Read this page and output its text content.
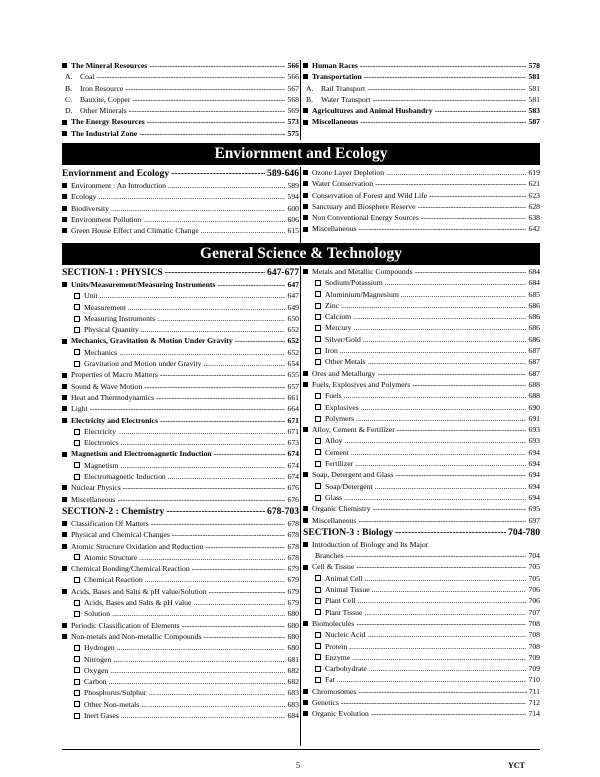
The Mineral Resources -----	566
A. Coal -----	566
B.	Iron Resource -----	567
C.	Bauxite, Copper -----	568
D. Other Minerals -----	569
The Energy Resources -----	573
The Industrial Zone -----	575
Human Races -----	578
Transportation -----	581
A. Rail Transport -----	581
B.	Water Transport -----	581
Agricultures and Animal Husbandry -----	583
Miscellaneous -----	587
Enviornment and Ecology
Enviornment and Ecology -----	589-646
Environment : An Introduction .....	589
Ecology .....	594
Biodiversity .....	600
Environment Pollution .....	606
Green House Effect and Climatic Change .....	615
Ozone Layer Depletion .....	619
Water Conservation -----	621
Conservation of Forest and Wild Life -----	623
Sanctuary and Biosphere Reserve -----	628
Non Conventional Energy Sources -----	638
Miscellaneous -----	642
General Science & Technology
SECTION-1 : PHYSICS -----	647-677
Units/Measurement/Measuring Instruments -----	647
Unit .....	647
Measurement .....	649
Measuring Instruments .....	650
Physical Quantity .....	652
Mechanics, Gravitation & Motion Under Gravity -----	652
Mechanics .....	652
Gravitation and Motion under Gravity .....	654
Properties of Macro Matters -----	655
Sound & Wave Motion -----	657
Heat and Thermodynamics -----	661
Light -----	664
Electricity and Electronics -----	671
Electricity .....	671
Electronics .....	673
Magnetism and Electromagnetic Induction -----	674
Magnetism .....	674
Electromagnetic Induction .....	674
Nuclear Physics -----	676
Miscellaneous -----	676
SECTION-2 : Chemistry -----	678-703
Classification Of Matters -----	678
Physical and Chemical Changes -----	678
Atomic Structure Oxidation and Reduction -----	678
Atomic Structure .....	678
Chemical Bonding/Chemical Reaction -----	679
Chemical Reaction .....	679
Acids, Bases and Salts & pH value/Solution -----	679
Acids, Bases and Salts & pH value .....	679
Solution .....	680
Periodic Classification of Elements -----	680
Non-metals and Non-metallic Compounds -----	680
Hydrogen .....	680
Nitrogen .....	681
Oxygen .....	682
Carbon .....	682
Phosphorus/Sulphur .....	683
Other Non-metals .....	683
Inert Gases .....	684
Metals and Metallic Compounds -----	684
Sodium/Potassium .....	684
Aluminium/Magnesium .....	685
Zinc .....	686
Calcium .....	686
Mercury .....	686
Silver/Gold .....	686
Iron .....	687
Other Metals .....	687
Ores and Metallurgy -----	687
Fuels, Explosives and Polymers -----	688
Fuels .....	688
Explosives .....	690
Polymers .....	691
Alloy, Cement & Fertilizer -----	693
Alloy .....	693
Cement .....	694
Fertilizer .....	694
Soap, Detergent and Glass -----	694
Soap/Detergent .....	694
Glass .....	694
Organic Chemistry -----	695
Miscellaneous -----	697
SECTION-3 : Biology -----	704-780
Introduction of Biology and Its Major
Branches -----	704
Cell & Tissue -----	705
Animal Cell .....	705
Animal Tissue .....	706
Plant Cell .....	706
Plant Tissue .....	707
Biomolecules -----	708
Nucleic Acid .....	708
Protein .....	708
Enzyme .....	709
Carbohydrate .....	709
Fat .....	710
Chromosomes -----	711
Genetics -----	712
Organic Evolution -----	714
5	YCT
